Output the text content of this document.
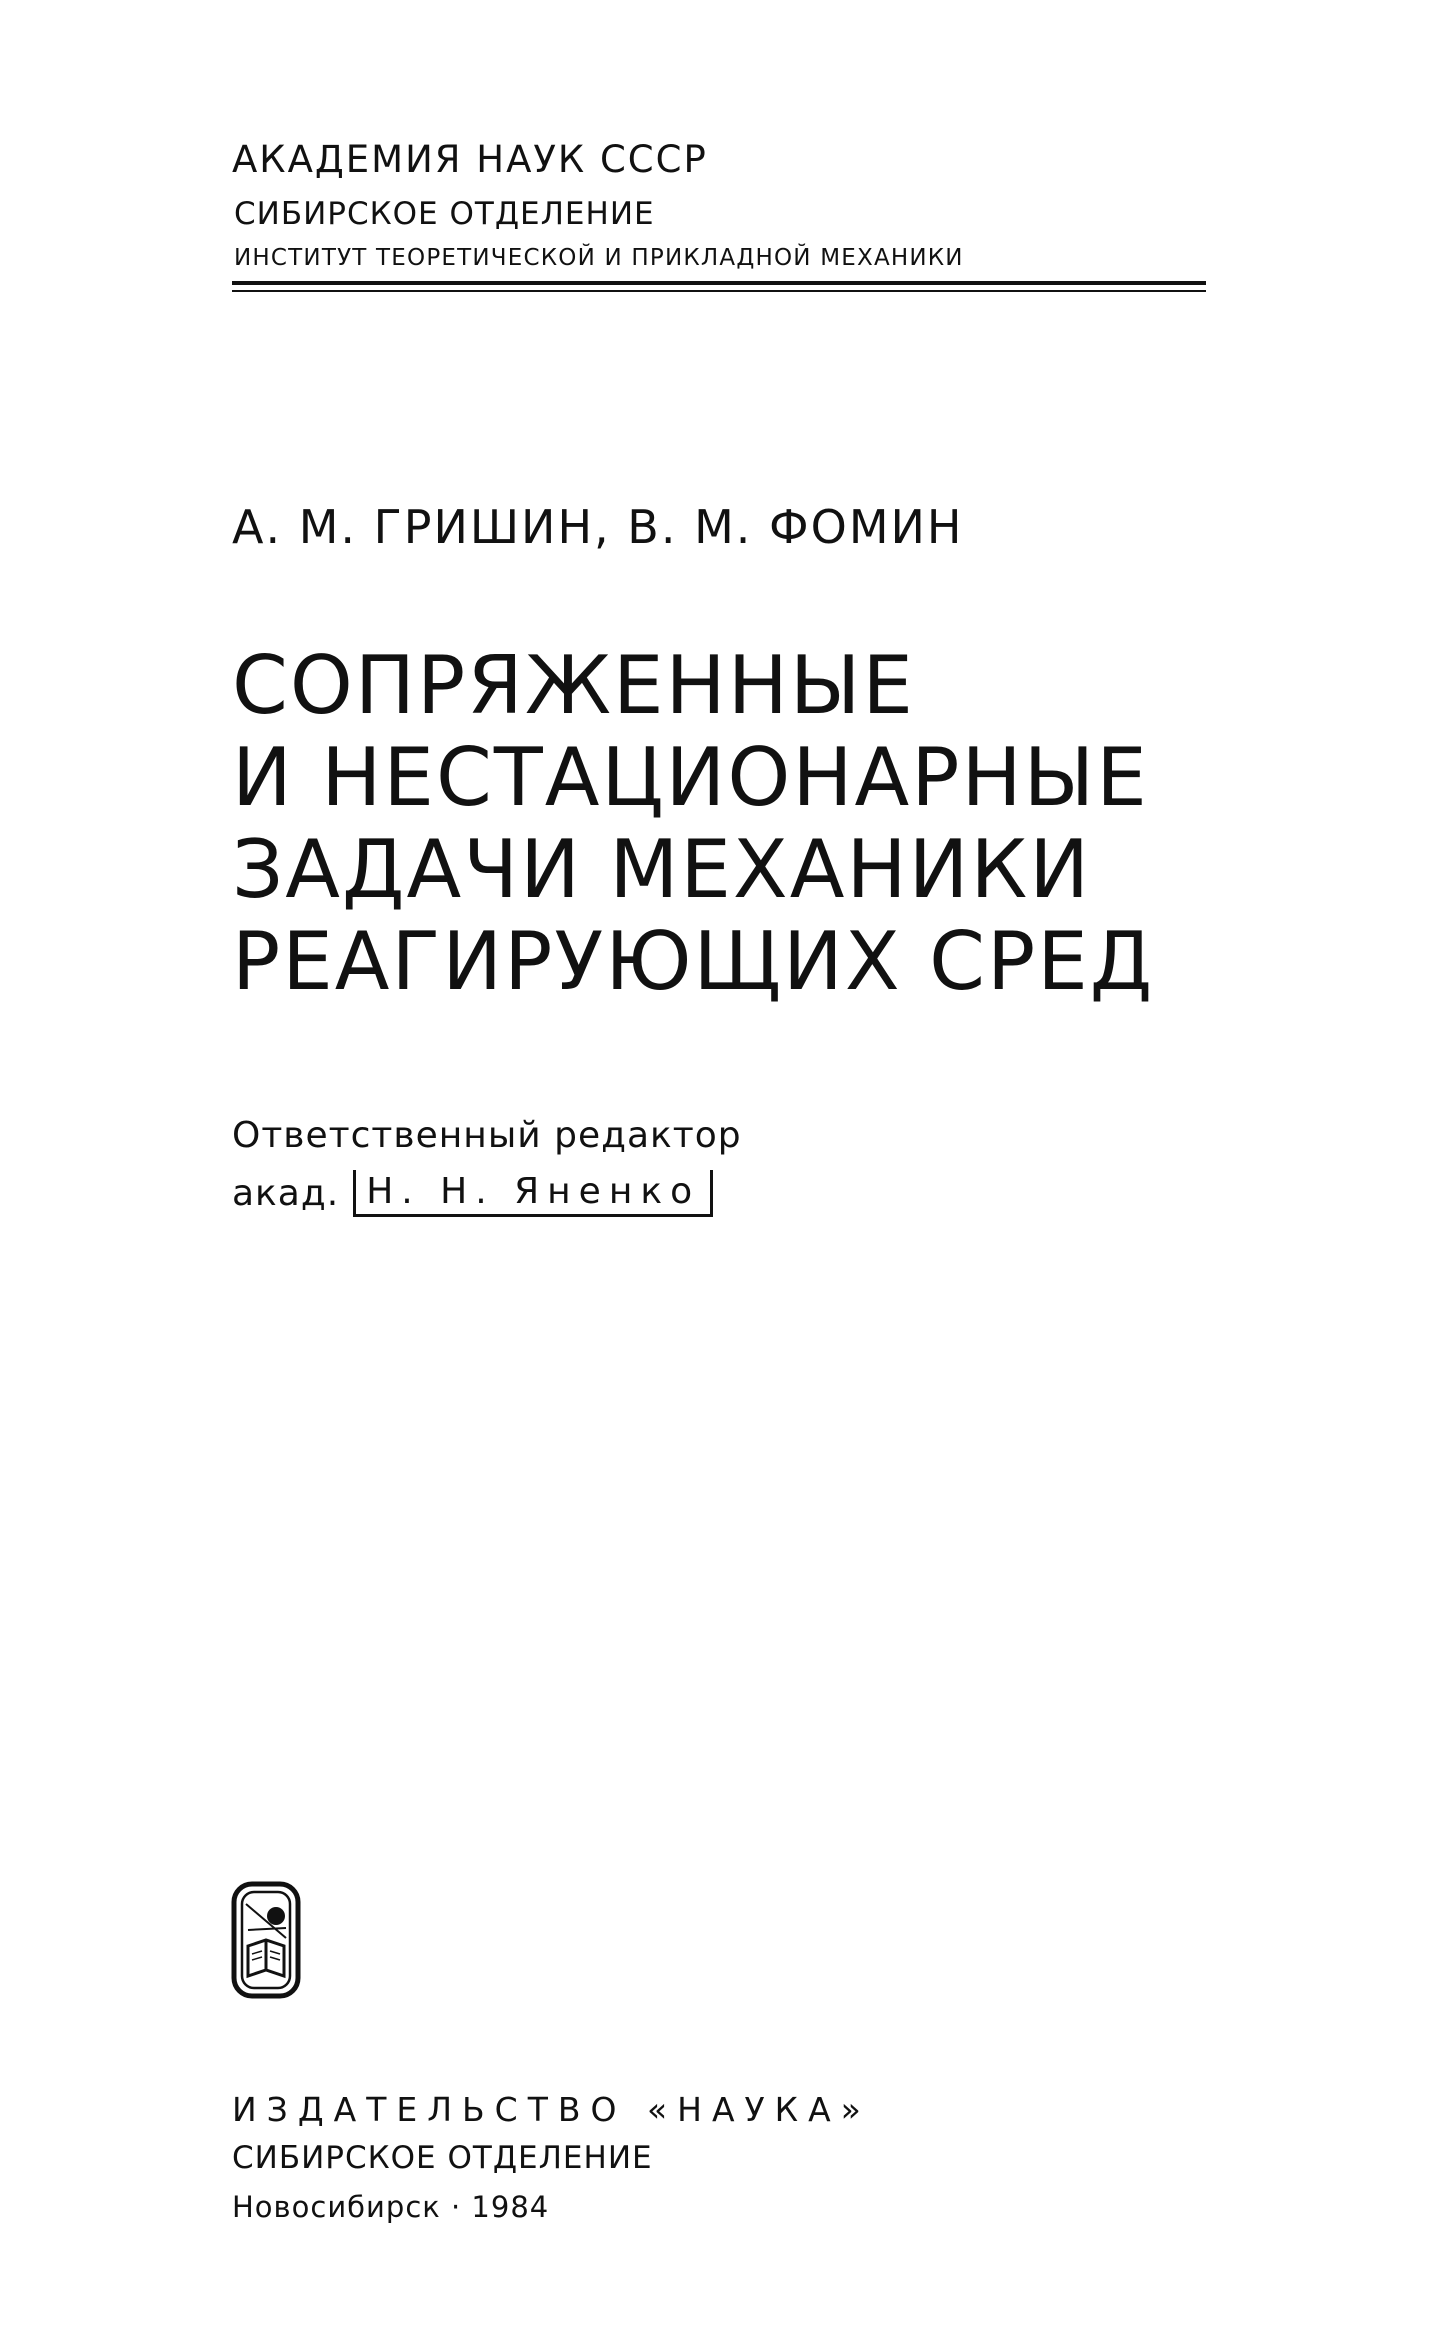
АКАДЕМИЯ НАУК СССР
СИБИРСКОЕ ОТДЕЛЕНИЕ
ИНСТИТУТ ТЕОРЕТИЧЕСКОЙ И ПРИКЛАДНОЙ МЕХАНИКИ
А. М. ГРИШИН, В. М. ФОМИН
СОПРЯЖЕННЫЕ
И НЕСТАЦИОНАРНЫЕ
ЗАДАЧИ МЕХАНИКИ
РЕАГИРУЮЩИХ СРЕД
Ответственный редактор
акад. Н. Н. Яненко
ИЗДАТЕЛЬСТВО «НАУКА»
СИБИРСКОЕ ОТДЕЛЕНИЕ
Новосибирск · 1984
